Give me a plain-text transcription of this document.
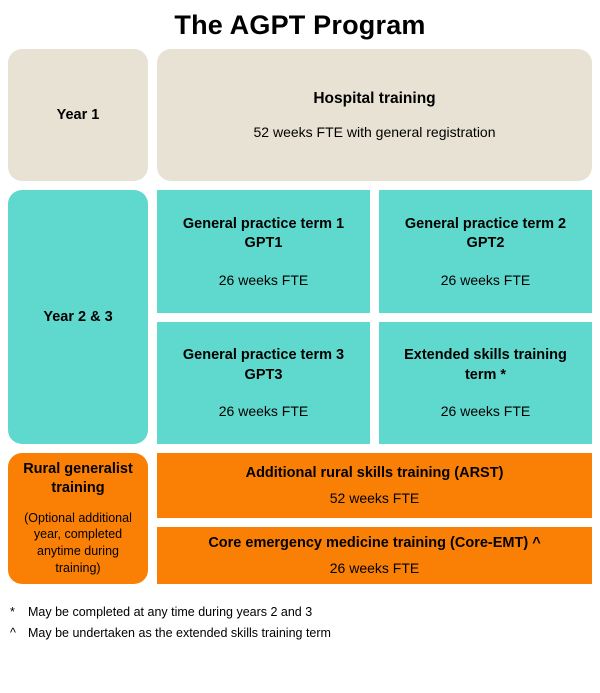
The AGPT Program
Year 1
Hospital training
52 weeks FTE with general registration
Year 2 & 3
General practice term 1
GPT1
26 weeks FTE
General practice term 2
GPT2
26 weeks FTE
General practice term 3
GPT3
26 weeks FTE
Extended skills training
term *
26 weeks FTE
Rural generalist training
(Optional additional year, completed anytime during training)
Additional rural skills training (ARST)
52 weeks FTE
Core emergency medicine training (Core-EMT) ^
26 weeks FTE
*	May be completed at any time during years 2 and 3
^ May be undertaken as the extended skills training term
